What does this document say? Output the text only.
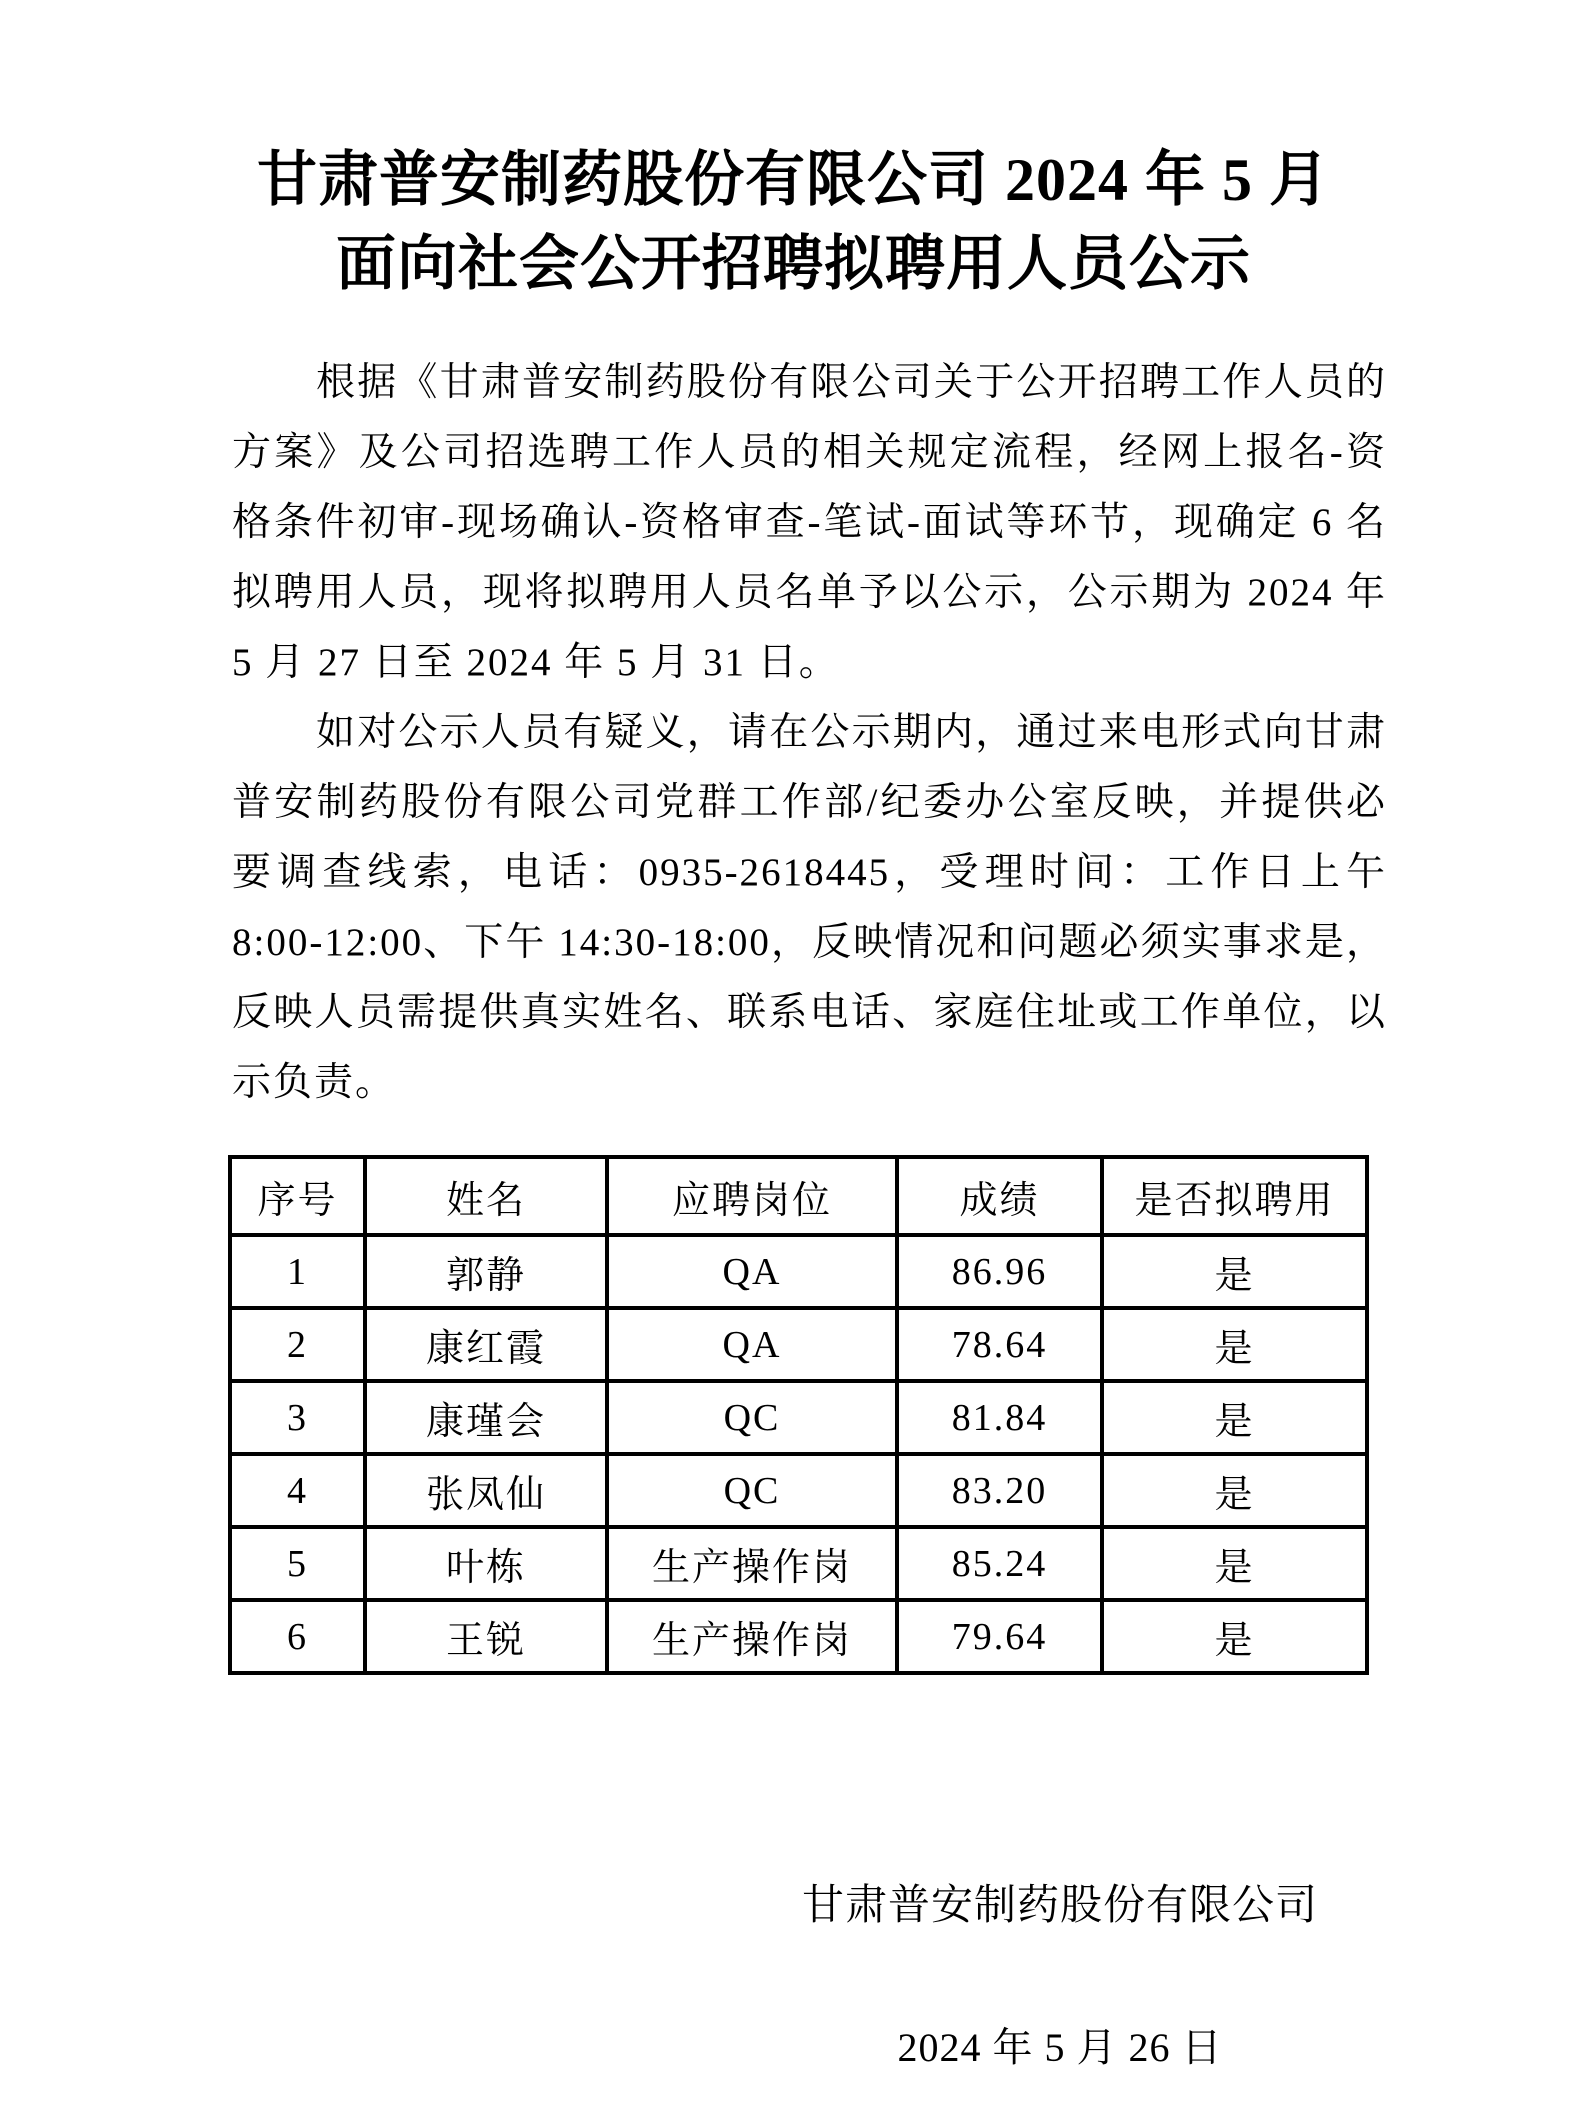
甘肃普安制药股份有限公司 2024 年 5 月
面向社会公开招聘拟聘用人员公示

根据《甘肃普安制药股份有限公司关于公开招聘工作人员的方案》及公司招选聘工作人员的相关规定流程，经网上报名-资格条件初审-现场确认-资格审查-笔试-面试等环节，现确定 6 名拟聘用人员，现将拟聘用人员名单予以公示，公示期为 2024 年 5 月 27 日至 2024 年 5 月 31 日。

如对公示人员有疑义，请在公示期内，通过来电形式向甘肃普安制药股份有限公司党群工作部/纪委办公室反映，并提供必要调查线索，电话：0935-2618445，受理时间：工作日上午 8:00-12:00、下午 14:30-18:00，反映情况和问题必须实事求是，反映人员需提供真实姓名、联系电话、家庭住址或工作单位，以示负责。

序号	姓名	应聘岗位	成绩	是否拟聘用
1	郭静	QA	86.96	是
2	康红霞	QA	78.64	是
3	康瑾会	QC	81.84	是
4	张凤仙	QC	83.20	是
5	叶栋	生产操作岗	85.24	是
6	王锐	生产操作岗	79.64	是
甘肃普安制药股份有限公司
2024 年 5 月 26 日
